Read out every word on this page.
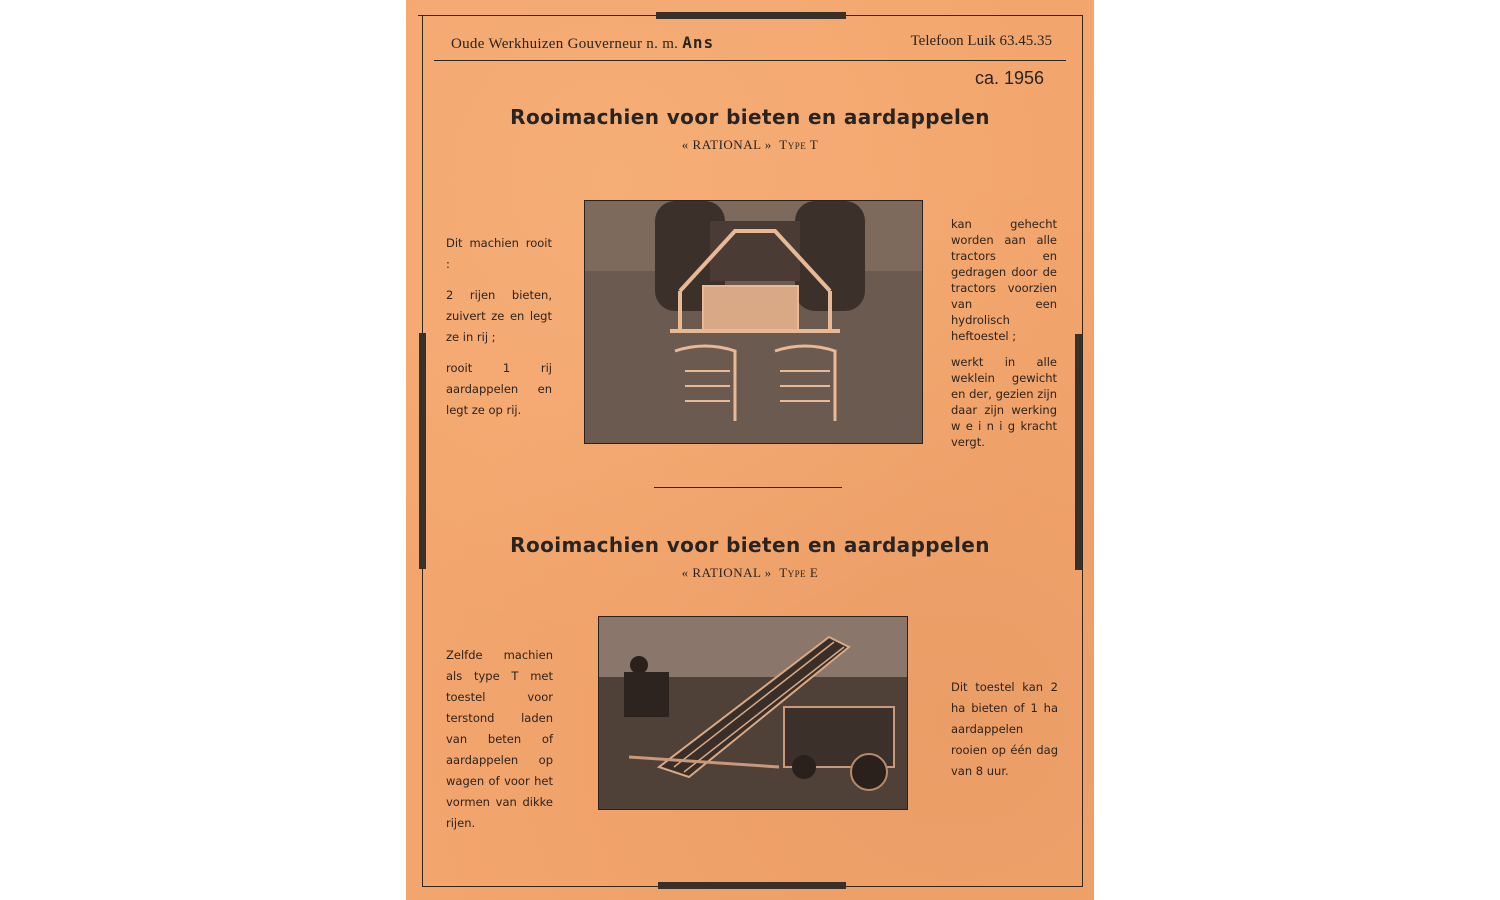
Oude Werkhuizen Gouverneur n. m. Ans	Telefoon Luik 63.45.35
ca. 1956
Rooimachien voor bieten en aardappelen
« RATIONAL » Type T

Dit machien rooit :

2 rijen bieten, zuivert ze en legt ze in rij ;

rooit 1 rij aardappelen en legt ze op rij.

kan gehecht worden aan alle tractors en gedragen door de tractors voorzien van een hydrolisch heftoestel ;

werkt in alle weklein gewicht en der, gezien zijn daar zijn werking w e i n i g kracht vergt.

Rooimachien voor bieten en aardappelen
« RATIONAL » Type E

Zelfde machien als type T met toestel voor terstond laden van beten of aardappelen op wagen of voor het vormen van dikke rijen.

Dit toestel kan 2 ha bieten of 1 ha aardappelen rooien op één dag van 8 uur.
